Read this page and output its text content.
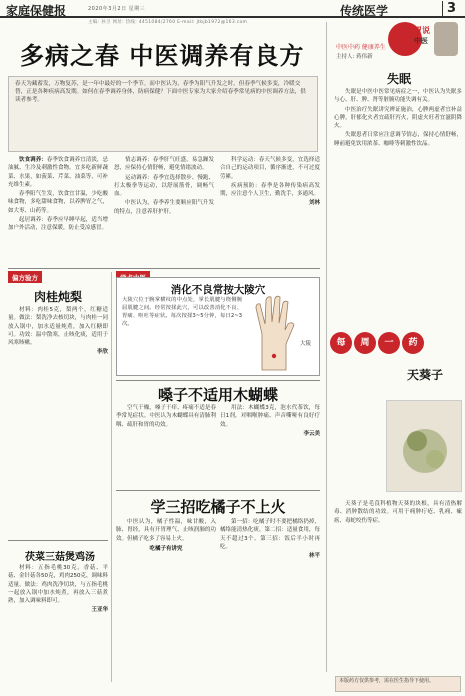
家庭保健报	2020年3月2日 星期三	传统医学	3
主编: 孙卫 网址: 热线: 4451084/2760 E-mail: jtbjb1972@163.com
多病之春 中医调养有良方
春天为藏蓄发，万物复苏，是一年中最好的一个季节。而中医认为，春季为阳气升发之时，但春季气候多变，冷暖交替，正是各种疾病高发期。如何在春季调养身体，防病保健？下面中医专家为大家介绍春季常见病的中医调养方法，供读者参考。
胃说
中医
中医中药 健康养生
主持人: 蒋伟新
失眠

失眠是中医中医常见病症之一，中医认为失眠多与心、肝、脾、肾等脏腑功能失调有关。

中医治疗失眠讲究辨证施治，心脾两虚者宜补益心脾，肝郁化火者宜疏肝泻火，阴虚火旺者宜滋阴降火。

失眠患者日常应注意调节情志，保持心情舒畅，睡前避免饮用浓茶、咖啡等刺激性饮品。

每 周 一 药
天葵子

天葵子是毛茛科植物天葵的块根，具有清热解毒、消肿散结的功效。可用于痈肿疔疮、乳痈、瘰疬、毒蛇咬伤等症。

本版药方仅供参考，需在医生指导下使用。

饮食调养：春季饮食调养宜清淡，忌油腻、生冷及刺激性食物。宜多吃新鲜蔬菜、水果，如菠菜、芹菜、油菜等，可补充维生素。

春季阳气生发，饮食宜甘温，少吃酸味食物，多吃甜味食物，以养脾胃之气，如大枣、山药等。

起居调养：春季应早睡早起，适当增加户外活动，注意保暖，防止受凉感冒。

情志调养：春季肝气旺盛，易急躁发怒，应保持心情舒畅，避免情绪波动。

运动调养：春季宜选择散步、慢跑、打太极拳等运动，以舒展筋骨，调畅气血。

中医认为，春季养生要顺应阳气升发的特点，注意养肝护肝。

科学运动：春天气候多变，宜选择适合自己的运动项目，循序渐进，不可过度劳累。

疾病预防：春季是各种传染病高发期，应注意个人卫生，勤洗手，多通风。

刘林

偏方验方
肉桂炖梨

材料：肉桂5克，梨两个，红糖适量。做法：梨洗净去核切块，与肉桂一同放入锅中，加水适量炖煮，加入红糖即可。功效：温中散寒，止咳化痰，适用于风寒咳嗽。

李欣

消化不良常按大陵穴
大陵穴位于腕掌横纹的中点处，掌长肌腱与桡侧腕屈肌腱之间。经常按揉此穴，可以改善消化不良、胃痛、呕吐等症状。每次按揉3~5分钟，每日2~3次。
大陵
嗓子不适用木蝴蝶

空气干燥，嗓子干痒、疼痛不适是春季常见症状。中医认为木蝴蝶具有清肺利咽、疏肝和胃的功效。

用法：木蝴蝶3克，泡水代茶饮，每日1剂，对咽喉肿痛、声音嘶哑有良好疗效。

李云美

学三招吃橘子不上火

中医认为，橘子性温，味甘酸，入肺、胃经，具有开胃理气、止咳润肺的功效。但橘子吃多了容易上火。

吃橘子有讲究

第一招：吃橘子时不要把橘络扔掉，橘络能清热化痰。第二招：适量食用，每天不超过3个。第三招：饭后半小时再吃。

林平

茯菜三菇煲鸡汤

材料：五指毛桃30克，香菇、平菇、金针菇各50克，鸡肉250克，调味料适量。做法：鸡肉洗净切块，与五指毛桃一起放入锅中加水炖煮，再放入三菇煮熟，加入调味料即可。

王亚华
